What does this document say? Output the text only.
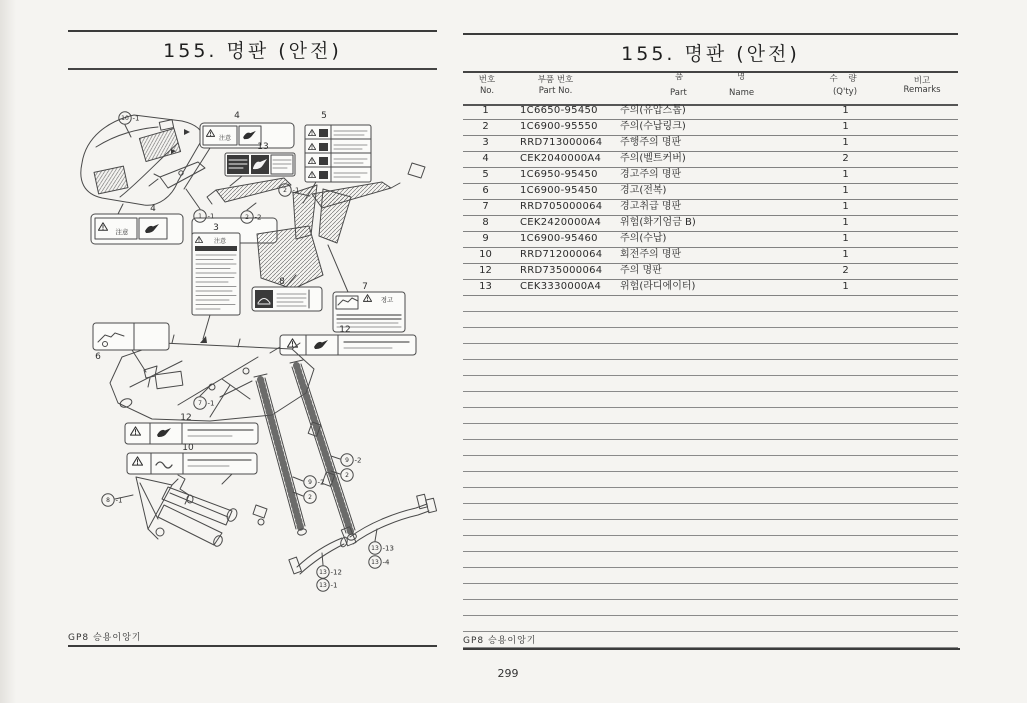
155. 명판 (안전)
注意
注意
注意
경고
10 -1
1 -1	2 -2
2 -1
7 -1
8 -1
9 -2
2
9 -2
2
13 -13
13 -4
13 -12
13 -1
4
4	5
13
3
8	7
12
6
12
10
GP8 승용이앙기
155. 명판 (안전)
번호
No.
부품 번호
Part No.
품	명
Part	Name
수 량
(Q'ty)
비고
Remarks
1	1C6650-95450	주의(유압스톱)	1
2	1C6900-95550	주의(수납링크)	1
3	RRD713000064	주행주의 명판	1
4	CEK2040000A4	주의(벨트커버)	2
5	1C6950-95450	경고주의 명판	1
6	1C6900-95450	경고(전복)	1
7	RRD705000064	경고취급 명판	1
8	CEK2420000A4	위험(화기엄금 B)	1
9	1C6900-95460	주의(수납)	1
10	RRD712000064	회전주의 명판	1
12	RRD735000064	주의 명판	2
13	CEK3330000A4	위험(라디에이터)	1
GP8 승용이앙기
299
